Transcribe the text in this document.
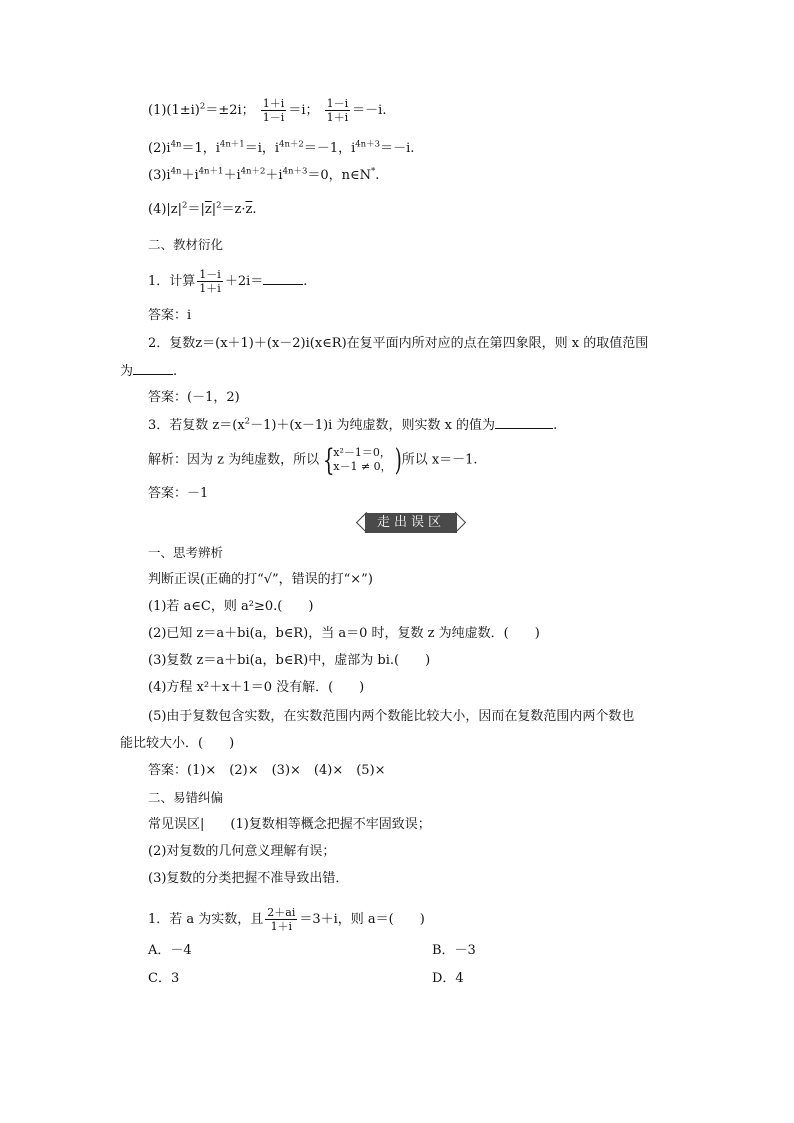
$(1)(1\pm i)^2=\pm 2i$； $\frac{1+i}{1-i} =i$； $\frac{1-i}{1+i} =-i$.
$(2)i^{4n}=1$，$i^{4n+1}=i$，$i^{4n+2}=-1$，$i^{4n+3}=-i$.
$(3)i^{4n}+i^{4n+1}+i^{4n+2}+i^{4n+3}=0$，n∈N*.
$(4)|z|^2=|\overline{z}|^2=z\cdot\overline{z}$.
二、教材衍化
1．计算 $\frac{1-i}{1+i} +2i=$	.
答案：i
2．复数z＝(x＋1)＋(x－2)i(x∈R)在复平面内所对应的点在第四象限，则 x 的取值范围
为	.
答案：(－1，2)
3．若复数 $z=(x^2-1)+(x-1)i$ 为纯虚数，则实数 x 的值为	.
解析：因为 z 为纯虚数，所以 {
x²－1＝0，
x－1 ≠ 0， ) 所以 x＝－1.
答案：－1
走出误区
一、思考辨析
判断正误(正确的打“√”，错误的打“×”)
(1)若 a∈C，则 a²≥0.(　　)
(2)已知 z＝a＋bi(a，b∈R)，当 a＝0 时，复数 z 为纯虚数．(　　)
(3)复数 z＝a＋bi(a，b∈R)中，虚部为 bi.(　　)
(4)方程 x²＋x＋1＝0 没有解．(　　)
(5)由于复数包含实数，在实数范围内两个数能比较大小，因而在复数范围内两个数也
能比较大小．(　　)
答案：(1)×　(2)×　(3)×　(4)×　(5)×
二、易错纠偏
常见误区|　　(1)复数相等概念把握不牢固致误；
(2)对复数的几何意义理解有误；
(3)复数的分类把握不准导致出错．
1．若 a 为实数，且 $\frac{2+ai}{1+i} =3+i$，则 a＝(　　)
A．－4	B．－3
C．3	D．4
